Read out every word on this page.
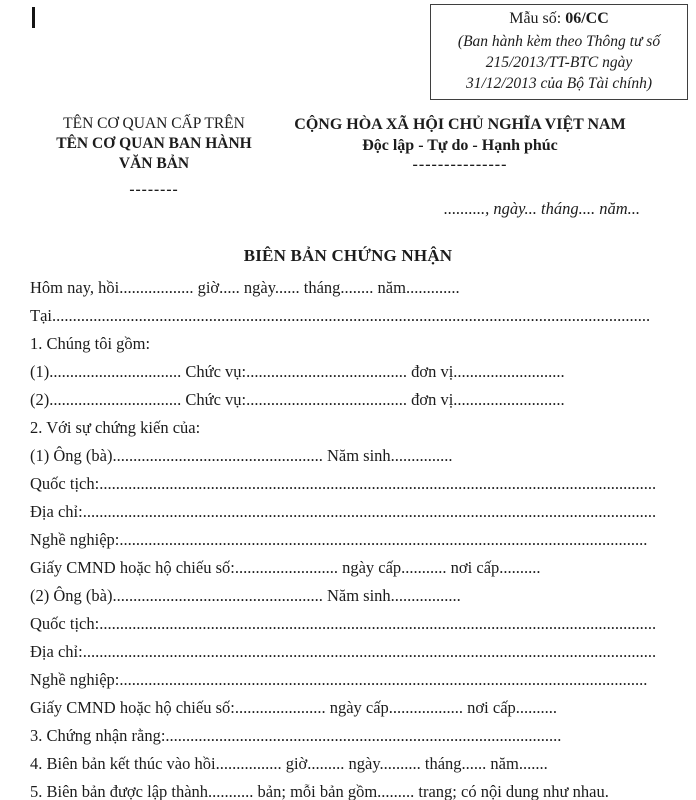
Mẫu số: 06/CC
(Ban hành kèm theo Thông tư số
215/2013/TT-BTC ngày
31/12/2013 của Bộ Tài chính)
TÊN CƠ QUAN CẤP TRÊN
TÊN CƠ QUAN BAN HÀNH
VĂN BẢN
--------
CỘNG HÒA XÃ HỘI CHỦ NGHĨA VIỆT NAM
Độc lập - Tự do - Hạnh phúc
---------------
.........., ngày... tháng.... năm...
BIÊN BẢN CHỨNG NHẬN
Hôm nay, hồi.................. giờ..... ngày...... tháng........ năm.............
Tại.................................................................................................................................................
1. Chúng tôi gồm:
(1)................................ Chức vụ:....................................... đơn vị...........................
(2)................................ Chức vụ:....................................... đơn vị...........................
2. Với sự chứng kiến của:
(1) Ông (bà)................................................... Năm sinh...............
Quốc tịch:.......................................................................................................................................
Địa chỉ:...........................................................................................................................................
Nghề nghiệp:................................................................................................................................
Giấy CMND hoặc hộ chiếu số:......................... ngày cấp........... nơi cấp..........
(2) Ông (bà)................................................... Năm sinh.................
Quốc tịch:.......................................................................................................................................
Địa chỉ:...........................................................................................................................................
Nghề nghiệp:................................................................................................................................
Giấy CMND hoặc hộ chiếu số:...................... ngày cấp.................. nơi cấp..........
3. Chứng nhận rằng:................................................................................................
4. Biên bản kết thúc vào hồi................ giờ......... ngày.......... tháng...... năm.......
5. Biên bản được lập thành........... bản; mỗi bản gồm......... trang; có nội dung như nhau.
